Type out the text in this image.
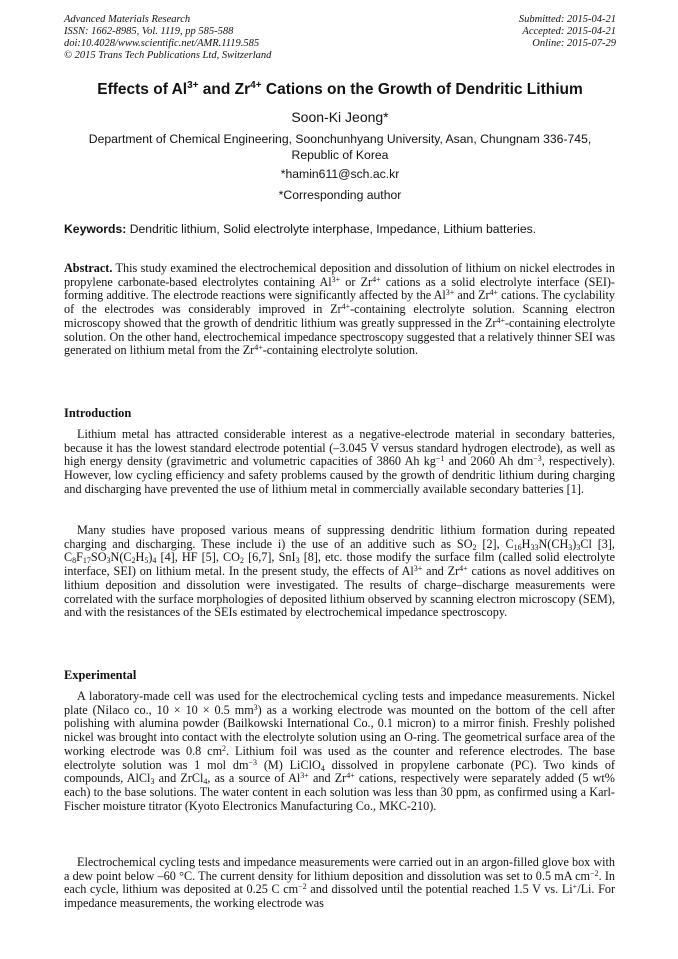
Advanced Materials Research
ISSN: 1662-8985, Vol. 1119, pp 585-588
doi:10.4028/www.scientific.net/AMR.1119.585
© 2015 Trans Tech Publications Ltd, Switzerland
Submitted: 2015-04-21
Accepted: 2015-04-21
Online: 2015-07-29
Effects of $Al^{3+}$ and $Zr^{4+}$ Cations on the Growth of Dendritic Lithium
Soon-Ki Jeong*
Department of Chemical Engineering, Soonchunhyang University, Asan, Chungnam 336-745,
Republic of Korea
*hamin611@sch.ac.kr
*Corresponding author
Keywords: Dendritic lithium, Solid electrolyte interphase, Impedance, Lithium batteries.
Abstract. This study examined the electrochemical deposition and dissolution of lithium on nickel electrodes in propylene carbonate-based electrolytes containing $Al^{3+}$ or $Zr^{4+}$ cations as a solid electrolyte interface (SEI)-forming additive. The electrode reactions were significantly affected by the $Al^{3+}$ and $Zr^{4+}$ cations. The cyclability of the electrodes was considerably improved in $Zr^{4+}$-containing electrolyte solution. Scanning electron microscopy showed that the growth of dendritic lithium was greatly suppressed in the $Zr^{4+}$-containing electrolyte solution. On the other hand, electrochemical impedance spectroscopy suggested that a relatively thinner SEI was generated on lithium metal from the $Zr^{4+}$-containing electrolyte solution.
Introduction
Lithium metal has attracted considerable interest as a negative-electrode material in secondary batteries, because it has the lowest standard electrode potential (–3.045 V versus standard hydrogen electrode), as well as high energy density (gravimetric and volumetric capacities of 3860 Ah $kg^{-1}$ and 2060 Ah $dm^{-3}$, respectively). However, low cycling efficiency and safety problems caused by the growth of dendritic lithium during charging and discharging have prevented the use of lithium metal in commercially available secondary batteries [1].
Many studies have proposed various means of suppressing dendritic lithium formation during repeated charging and discharging. These include i) the use of an additive such as $SO_2$ [2], $C_{16}H_{33}N(CH_3)_3Cl$ [3], $C_8F_{17}SO_3N(C_2H_5)_4$ [4], HF [5], $CO_2$ [6,7], SnI$_3$ [8], etc. those modify the surface film (called solid electrolyte interface, SEI) on lithium metal. In the present study, the effects of $Al^{3+}$ and $Zr^{4+}$ cations as novel additives on lithium deposition and dissolution were investigated. The results of charge–discharge measurements were correlated with the surface morphologies of deposited lithium observed by scanning electron microscopy (SEM), and with the resistances of the SEIs estimated by electrochemical impedance spectroscopy.
Experimental
A laboratory-made cell was used for the electrochemical cycling tests and impedance measurements. Nickel plate (Nilaco co., 10 × 10 × 0.5 $mm^3$) as a working electrode was mounted on the bottom of the cell after polishing with alumina powder (Bailkowski International Co., 0.1 micron) to a mirror finish. Freshly polished nickel was brought into contact with the electrolyte solution using an O-ring. The geometrical surface area of the working electrode was 0.8 $cm^2$. Lithium foil was used as the counter and reference electrodes. The base electrolyte solution was 1 mol $dm^{-3}$ (M) LiClO$_4$ dissolved in propylene carbonate (PC). Two kinds of compounds, AlCl$_3$ and ZrCl$_4$, as a source of $Al^{3+}$ and $Zr^{4+}$ cations, respectively were separately added (5 wt% each) to the base solutions. The water content in each solution was less than 30 ppm, as confirmed using a Karl-Fischer moisture titrator (Kyoto Electronics Manufacturing Co., MKC-210).
Electrochemical cycling tests and impedance measurements were carried out in an argon-filled glove box with a dew point below –60 °C. The current density for lithium deposition and dissolution was set to 0.5 mA $cm^{-2}$. In each cycle, lithium was deposited at 0.25 C $cm^{-2}$ and dissolved until the potential reached 1.5 V vs. Li+/Li. For impedance measurements, the working electrode was
